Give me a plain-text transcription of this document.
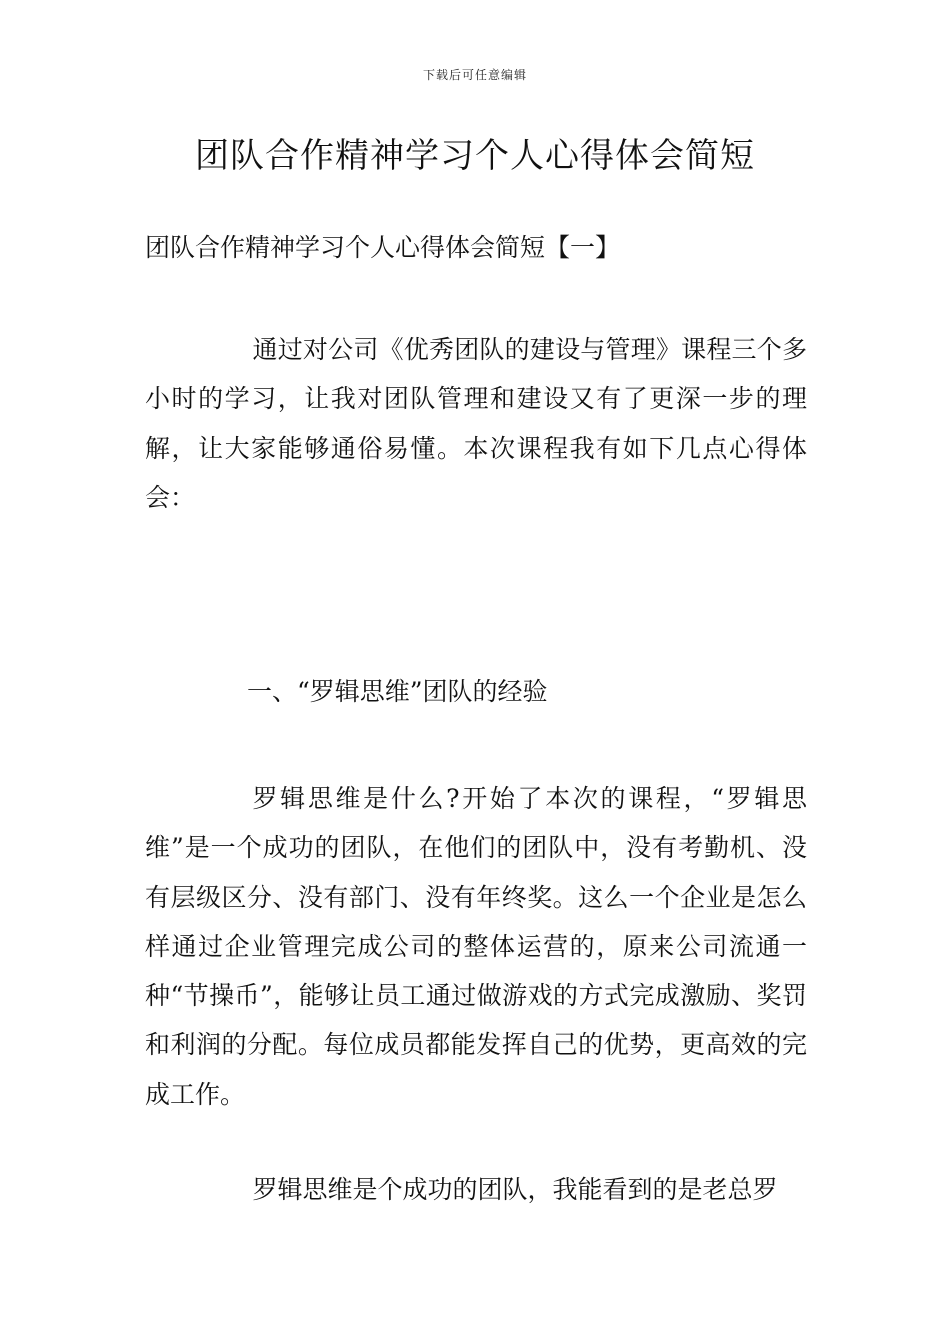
下载后可任意编辑
团队合作精神学习个人心得体会简短

团队合作精神学习个人心得体会简短【一】

通过对公司《优秀团队的建设与管理》课程三个多小时的学习，让我对团队管理和建设又有了更深一步的理解，让大家能够通俗易懂。本次课程我有如下几点心得体会：

一、“罗辑思维”团队的经验

罗辑思维是什么?开始了本次的课程，“罗辑思维”是一个成功的团队，在他们的团队中，没有考勤机、没有层级区分、没有部门、没有年终奖。这么一个企业是怎么样通过企业管理完成公司的整体运营的，原来公司流通一种“节操币”，能够让员工通过做游戏的方式完成激励、奖罚和利润的分配。每位成员都能发挥自己的优势，更高效的完成工作。

罗辑思维是个成功的团队，我能看到的是老总罗
